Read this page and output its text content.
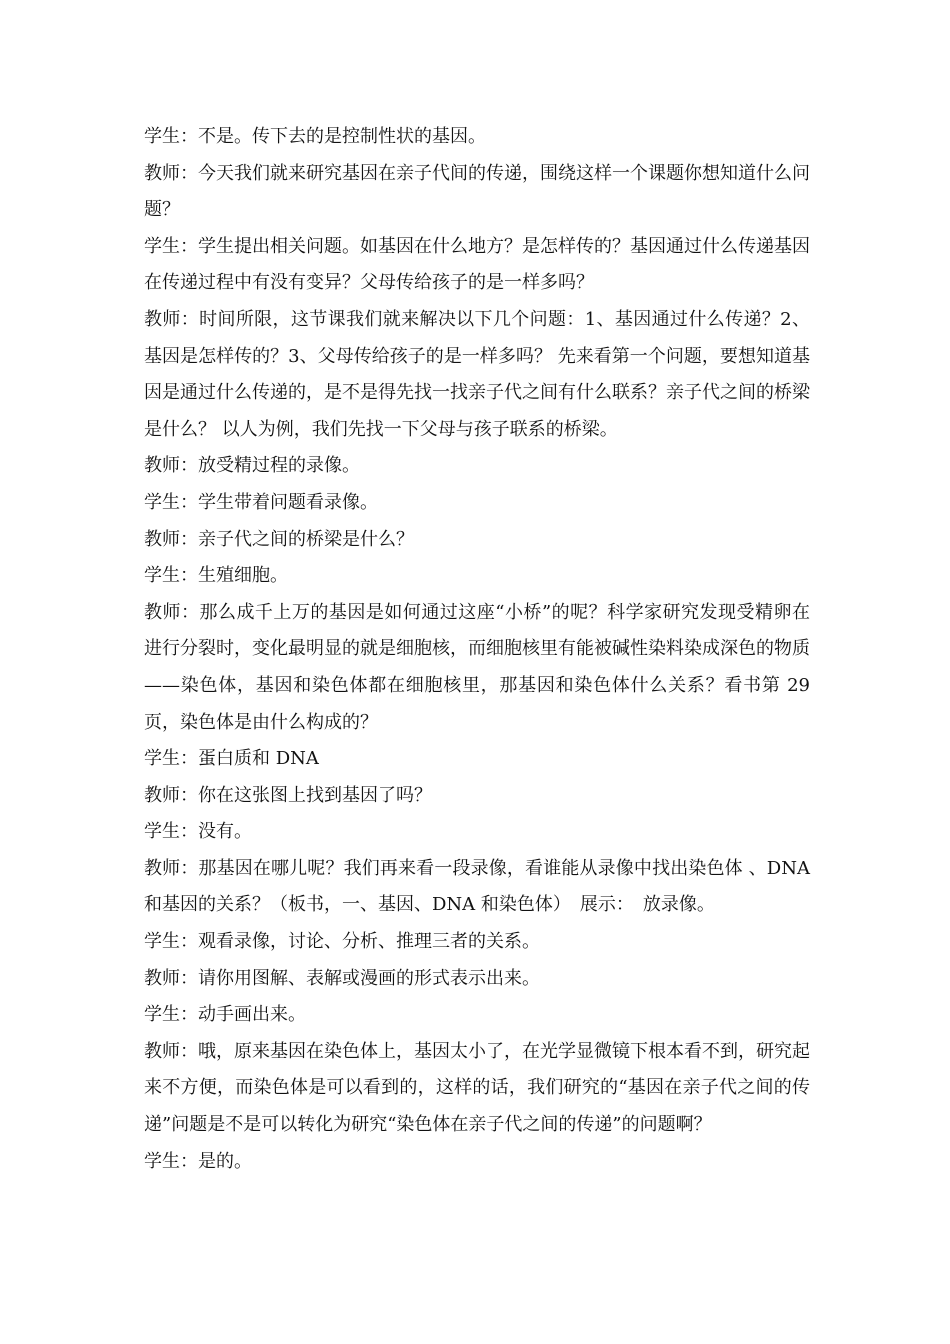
学生：不是。传下去的是控制性状的基因。

教师：今天我们就来研究基因在亲子代间的传递，围绕这样一个课题你想知道什么问题？

学生：学生提出相关问题。如基因在什么地方？是怎样传的？基因通过什么传递基因在传递过程中有没有变异？父母传给孩子的是一样多吗？

教师：时间所限，这节课我们就来解决以下几个问题：1、基因通过什么传递？2、基因是怎样传的？3、父母传给孩子的是一样多吗？ 先来看第一个问题，要想知道基因是通过什么传递的，是不是得先找一找亲子代之间有什么联系？亲子代之间的桥梁是什么？ 以人为例，我们先找一下父母与孩子联系的桥梁。

教师：放受精过程的录像。

学生：学生带着问题看录像。

教师：亲子代之间的桥梁是什么？

学生：生殖细胞。

教师：那么成千上万的基因是如何通过这座“小桥”的呢？科学家研究发现受精卵在进行分裂时，变化最明显的就是细胞核，而细胞核里有能被碱性染料染成深色的物质——染色体，基因和染色体都在细胞核里，那基因和染色体什么关系？看书第 29 页，染色体是由什么构成的？

学生：蛋白质和 DNA

教师：你在这张图上找到基因了吗？

学生：没有。

教师：那基因在哪儿呢？我们再来看一段录像，看谁能从录像中找出染色体 、DNA 和基因的关系？（板书，一、基因、DNA 和染色体）　展示：　放录像。

学生：观看录像，讨论、分析、推理三者的关系。

教师：请你用图解、表解或漫画的形式表示出来。

学生：动手画出来。

教师：哦，原来基因在染色体上，基因太小了，在光学显微镜下根本看不到，研究起来不方便，而染色体是可以看到的，这样的话，我们研究的“基因在亲子代之间的传递”问题是不是可以转化为研究“染色体在亲子代之间的传递”的问题啊？

学生：是的。
